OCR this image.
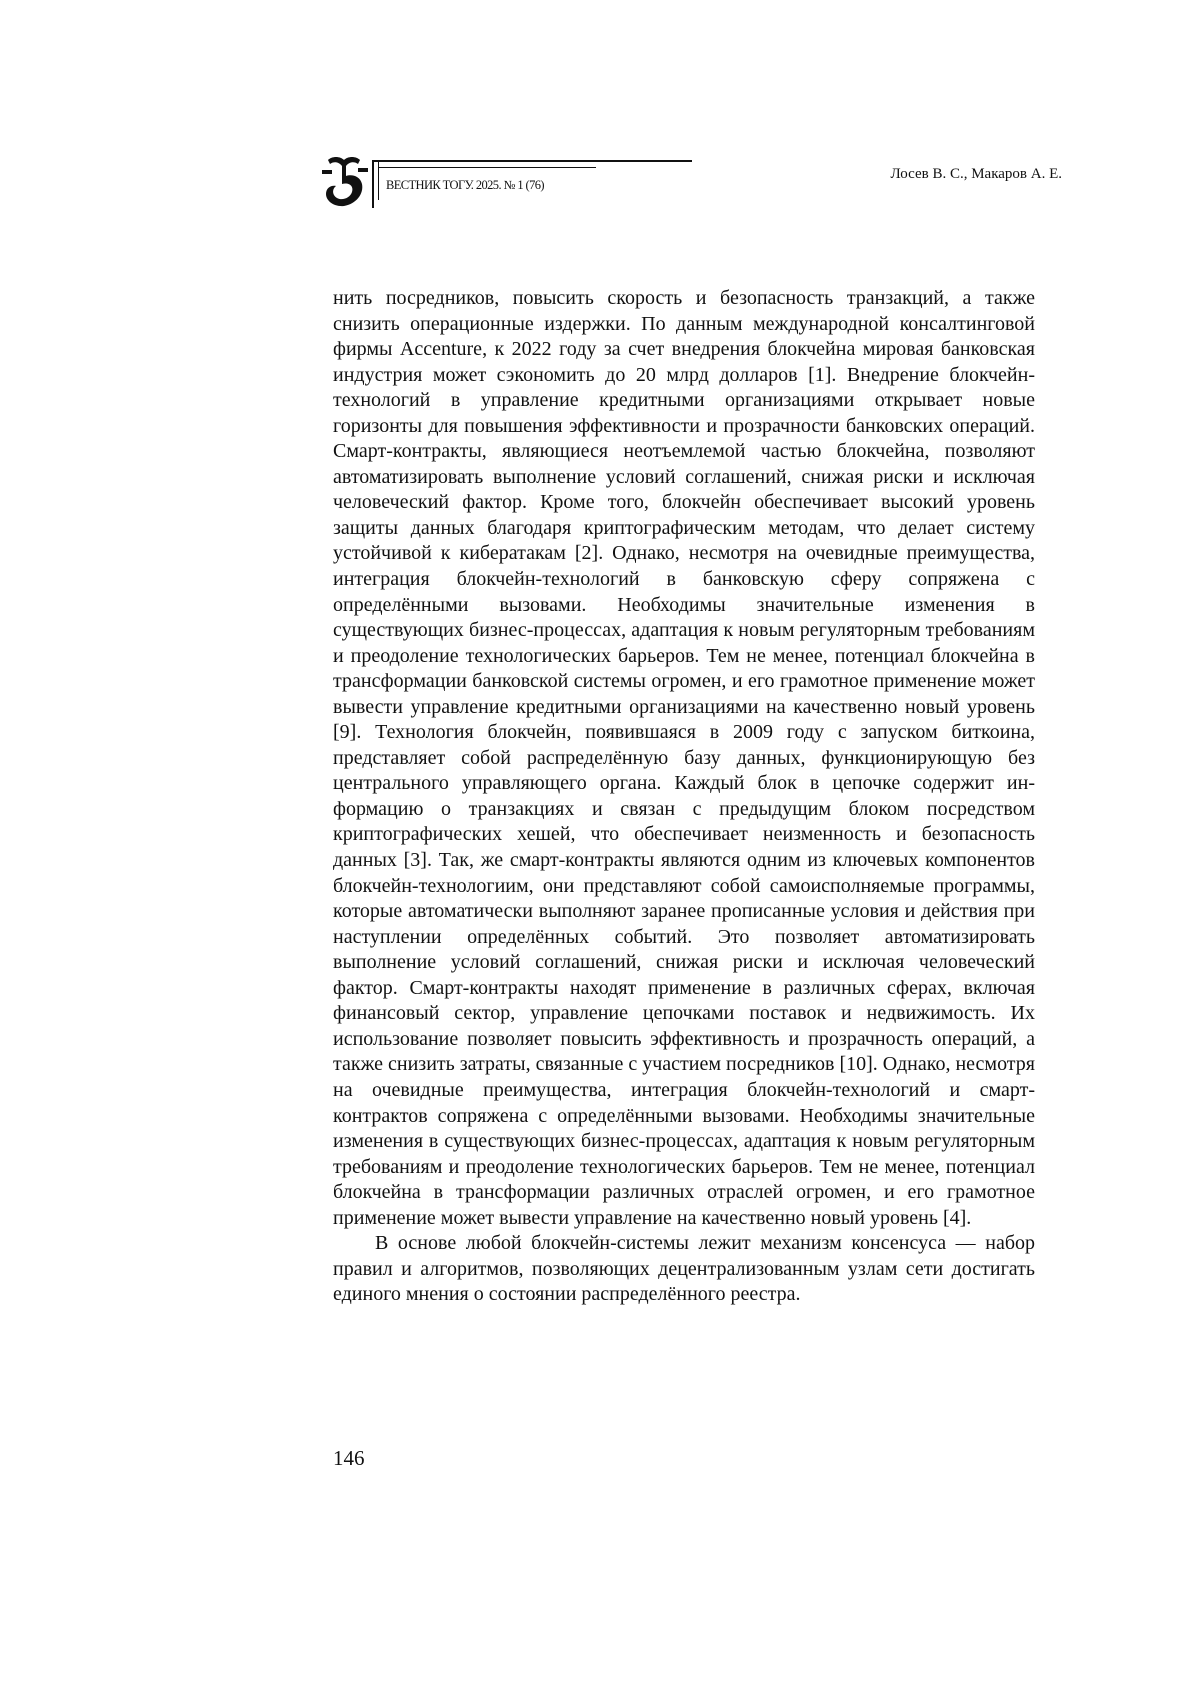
ВЕСТНИК ТОГУ. 2025. № 1 (76)
Лосев В. С., Макаров А. Е.

нить посредников, повысить скорость и безопасность транзакций, а также снизить операционные издержки. По данным международной консалтинговой фирмы Accenture, к 2022 году за счет внедрения блокчейна мировая банковская индустрия может сэкономить до 20 млрд долларов [1]. Внедрение блокчейн-технологий в управление кредитными организациями открывает новые горизонты для повышения эффективности и прозрачности банковских операций. Смарт-контракты, являющиеся неотъемлемой частью блокчейна, позволяют автоматизировать выполнение условий соглашений, снижая риски и исключая человеческий фактор. Кроме того, блокчейн обеспечивает высокий уровень защиты данных благодаря криптографическим методам, что делает систему устойчивой к кибератакам [2]. Однако, несмотря на очевидные преимущества, интеграция блокчейн-технологий в банковскую сферу сопряжена с определёнными вызовами. Необходимы значительные изменения в существующих бизнес-процессах, адаптация к новым регуляторным требованиям и преодоление технологических барьеров. Тем не менее, потенциал блокчейна в трансформации банковской системы огромен, и его грамотное применение может вывести управление кредитными организациями на качественно новый уровень [9]. Технология блокчейн, появившаяся в 2009 году с запуском биткоина, представляет собой распределённую базу данных, функционирующую без центрального управляющего органа. Каждый блок в цепочке содержит информацию о транзакциях и связан с предыдущим блоком посредством криптографических хешей, что обеспечивает неизменность и безопасность данных [3]. Так, же смарт-контракты являются одним из ключевых компонентов блокчейн-технологиим, они представляют собой самоисполняемые программы, которые автоматически выполняют заранее прописанные условия и действия при наступлении определённых событий. Это позволяет автоматизировать выполнение условий соглашений, снижая риски и исключая человеческий фактор. Смарт-контракты находят применение в различных сферах, включая финансовый сектор, управление цепочками поставок и недвижимость. Их использование позволяет повысить эффективность и прозрачность операций, а также снизить затраты, связанные с участием посредников [10]. Однако, несмотря на очевидные преимущества, интеграция блокчейн-технологий и смарт-контрактов сопряжена с определёнными вызовами. Необходимы значительные изменения в существующих бизнес-процессах, адаптация к новым регуляторным требованиям и преодоление технологических барьеров. Тем не менее, потенциал блокчейна в трансформации различных отраслей огромен, и его грамотное применение может вывести управление на качественно новый уровень [4].

В основе любой блокчейн-системы лежит механизм консенсуса — набор правил и алгоритмов, позволяющих децентрализованным узлам сети достигать единого мнения о состоянии распределённого реестра.

146
